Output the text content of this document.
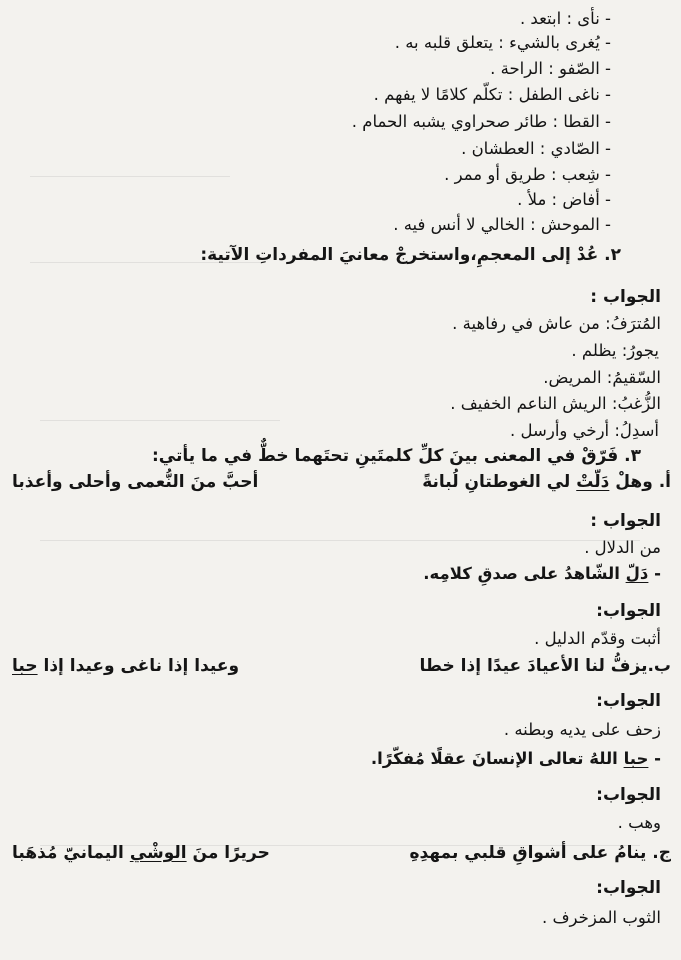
- نأى : ابتعد .
- يُغرى بالشيء : يتعلق قلبه به .
- الصّفو : الراحة .
- ناغى الطفل : تكلّم كلامًا لا يفهم .
- القطا : طائر صحراوي يشبه الحمام .
- الصّادي : العطشان .
- شِعب : طريق أو ممر .
- أفاض : ملأ .
- الموحش : الخالي لا أنس فيه .
٢. عُدْ إلى المعجمِ،واستخرجْ معانيَ المفرداتِ الآتية:
الجواب :
المُترَفُ: من عاش في رفاهية .
يجورُ: يظلم .
السّقيمُ: المريض.
الزُّغبُ: الريش الناعم الخفيف .
أسدِلُ: أرخي وأرسل .
٣. فَرّقْ في المعنى بينَ كلِّ كلمتَينِ تحتَهما خطٌّ في ما يأتي:
أ. وهلْ دَلّتْ لي الغوطتانِ لُبانةً
أحبَّ منَ النُّعمى وأحلى وأعذبا
الجواب :
من الدلال .
- دَلّ الشّاهدُ على صدقِ كلامِه.
الجواب:
أثبت وقدّم الدليل .
ب.يزفُّ لنا الأعيادَ عيدًا إذا خطا
وعيدا إذا ناغى وعيدا إذا حبا
الجواب:
زحف على يديه وبطنه .
- حبا اللهُ تعالى الإنسانَ عقلًا مُفكّرًا.
الجواب:
وهب .
ج. ينامُ على أشواقِ قلبي بمهدِهِ
حريرًا منَ الوشْي اليمانيّ مُذهَبا
الجواب:
الثوب المزخرف .
